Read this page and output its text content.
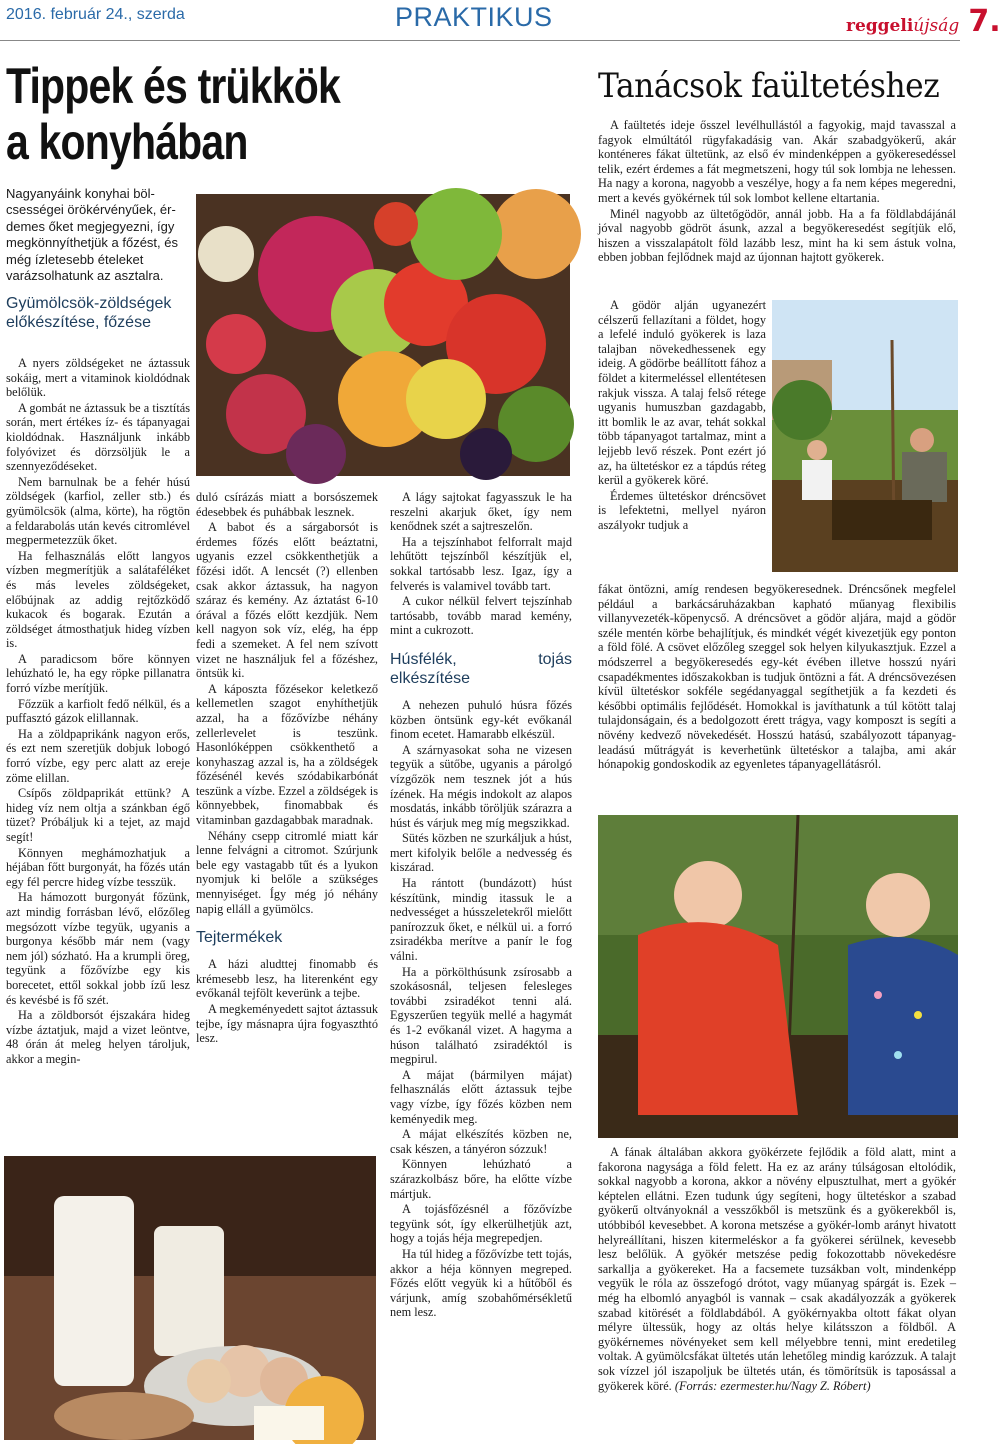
2016. február 24., szerda	PRAKTIKUS	reggeliújság 7.
Tippek és trükkök
a konyhában
Nagyanyáink konyhai böl-csességei örökérvényűek, ér-demes őket megjegyezni, így megkönnyíthetjük a főzést, és még ízletesebb ételeket varázsolhatunk az asztalra.
Gyümölcsök-zöldségek előkészítése, főzése

A nyers zöldségeket ne áztassuk sokáig, mert a vitaminok kioldódnak belőlük.

A gombát ne áztassuk be a tisztítás során, mert értékes íz- és tápanyagai kioldódnak. Használjunk inkább folyóvizet és dörzsöljük le a szennyeződéseket.

Nem barnulnak be a fehér húsú zöldségek (karfiol, zeller stb.) és gyümölcsök (alma, körte), ha rögtön a feldarabolás után kevés citromlével megpermetezzük őket.

Ha felhasználás előtt langyos vízben megmerítjük a salátaféléket és más leveles zöldségeket, előbújnak az addig rejtőzködő kukacok és bogarak. Ezután a zöldséget átmosthatjuk hideg vízben is.

A paradicsom bőre könnyen lehúzható le, ha egy röpke pillanatra forró vízbe merítjük.

Főzzük a karfiolt fedő nélkül, és a puffasztó gázok elillannak.

Ha a zöldpaprikánk nagyon erős, és ezt nem szeretjük dobjuk lobogó forró vízbe, egy perc alatt az ereje zöme elillan.

Csípős zöldpaprikát ettünk? A hideg víz nem oltja a szánkban égő tüzet? Próbáljuk ki a tejet, az majd segít!

Könnyen meghámozhatjuk a héjában főtt burgonyát, ha főzés után egy fél percre hideg vízbe tesszük.

Ha hámozott burgonyát főzünk, azt mindig forrásban lévő, előzőleg megsózott vízbe tegyük, ugyanis a burgonya később már nem (vagy nem jól) sózható. Ha a krumpli öreg, tegyünk a főzővízbe egy kis borecetet, ettől sokkal jobb ízű lesz és kevésbé is fő szét.

Ha a zöldborsót éjszakára hideg vízbe áztatjuk, majd a vizet leöntve, 48 órán át meleg helyen tároljuk, akkor a megin-

duló csírázás miatt a borsószemek édesebbek és puhábbak lesznek.

A babot és a sárgaborsót is érdemes főzés előtt beáztatni, ugyanis ezzel csökkenthetjük a főzési időt. A lencsét (?) ellenben csak akkor áztassuk, ha nagyon száraz és kemény. Az áztatást 6-10 órával a főzés előtt kezdjük. Nem kell nagyon sok víz, elég, ha épp fedi a szemeket. A fel nem szívott vizet ne használjuk fel a főzéshez, öntsük ki.

A káposzta főzésekor keletkező kellemetlen szagot enyhíthetjük azzal, ha a főzővízbe néhány zellerlevelet is teszünk. Hasonlóképpen csökkenthető a konyhaszag azzal is, ha a zöldségek főzésénél kevés szódabikarbónát teszünk a vízbe. Ezzel a zöldségek is könnyebbek, finomabbak és vitaminban gazdagabbak maradnak.

Néhány csepp citromlé miatt kár lenne felvágni a citromot. Szúrjunk bele egy vastagabb tűt és a lyukon nyomjuk ki belőle a szükséges mennyiséget. Így még jó néhány napig elláll a gyümölcs.

Tejtermékek

A házi aludttej finomabb és krémesebb lesz, ha literenként egy evőkanál tejfölt keverünk a tejbe.

A megkeményedett sajtot áztassuk tejbe, így másnapra újra fogyaszthtó lesz.

A lágy sajtokat fagyasszuk le ha reszelni akarjuk őket, így nem kenődnek szét a sajtreszelőn.

Ha a tejszínhabot felforralt majd lehűtött tejszínből készítjük el, sokkal tartósabb lesz. Igaz, így a felverés is valamivel tovább tart.

A cukor nélkül felvert tejszínhab tartósabb, tovább marad kemény, mint a cukrozott.

Húsfélék, tojás elkészítése

A nehezen puhuló húsra főzés közben öntsünk egy-két evőkanál finom ecetet. Hamarabb elkészül.

A szárnyasokat soha ne vizesen tegyük a sütőbe, ugyanis a párolgó vízgőzök nem tesznek jót a hús ízének. Ha mégis indokolt az alapos mosdatás, inkább töröljük szárazra a húst és várjuk meg míg megszikkad.

Sütés közben ne szurkáljuk a húst, mert kifolyik belőle a nedvesség és kiszárad.

Ha rántott (bundázott) húst készítünk, mindig itassuk le a nedvességet a hússzeletekről mielőtt panírozzuk őket, e nélkül ui. a forró zsiradékba merítve a panír le fog válni.

Ha a pörkölthúsunk zsírosabb a szokásosnál, teljesen felesleges további zsiradékot tenni alá. Egyszerűen tegyük mellé a hagymát és 1-2 evőkanál vizet. A hagyma a húson található zsiradéktól is megpirul.

A májat (bármilyen májat) felhasználás előtt áztassuk tejbe vagy vízbe, így főzés közben nem keményedik meg.

A májat elkészítés közben ne, csak készen, a tányéron sózzuk!

Könnyen lehúzható a szárazkolbász bőre, ha előtte vízbe mártjuk.

A tojásfőzésnél a főzővízbe tegyünk sót, így elkerülhetjük azt, hogy a tojás héja megrepedjen.

Ha túl hideg a főzővízbe tett tojás, akkor a héja könnyen megreped. Főzés előtt vegyük ki a hűtőből és várjunk, amíg szobahőmérsékletű nem lesz.

Tanácsok faültetéshez

A faültetés ideje ősszel levélhullástól a fagyokig, majd tavasszal a fagyok elmúltától rügyfakadásig van. Akár szabadgyökerű, akár konténeres fákat ültetünk, az első év mindenképpen a gyökeresedéssel telik, ezért érdemes a fát megmetszeni, hogy túl sok lombja ne lehessen. Ha nagy a korona, nagyobb a veszélye, hogy a fa nem képes megeredni, mert a kevés gyökérnek túl sok lombot kellene eltartania.

Minél nagyobb az ültetőgödör, annál jobb. Ha a fa földlabdájánál jóval nagyobb gödröt ásunk, azzal a begyökeresedést segítjük elő, hiszen a visszalapátolt föld lazább lesz, mint ha ki sem ástuk volna, ebben jobban fejlődnek majd az újonnan hajtott gyökerek.

A gödör alján ugyanezért célszerű fellazítani a földet, hogy a lefelé induló gyökerek is laza talajban növekedhessenek egy ideig. A gödörbe beállított fához a földet a kitermeléssel ellentétesen rakjuk vissza. A talaj felső rétege ugyanis humuszban gazdagabb, itt bomlik le az avar, tehát sokkal több tápanyagot tartalmaz, mint a lejjebb levő részek. Pont ezért jó az, ha ültetéskor ez a tápdús réteg kerül a gyökerek köré.

Érdemes ültetéskor dréncsövet is lefektetni, mellyel nyáron aszályokr tudjuk a

fákat öntözni, amíg rendesen begyökeresednek. Dréncsőnek megfelel például a barkácsáruházakban kapható műanyag flexibilis villanyvezeték-köpenycső. A dréncsövet a gödör aljára, majd a gödör széle mentén körbe behajlítjuk, és mindkét végét kivezetjük egy ponton a föld fölé. A csövet előzőleg szeggel sok helyen kilyukasztjuk. Ezzel a módszerrel a begyökeresedés egy-két évében illetve hosszú nyári csapadékmentes időszakokban is tudjuk öntözni a fát. A dréncsövezésen kívül ültetéskor sokféle segédanyaggal segíthetjük a fa kezdeti és későbbi optimális fejlődését. Homokkal is javíthatunk a túl kötött talaj tulajdonságain, és a bedolgozott érett trágya, vagy komposzt is segíti a növény kedvező növekedését. Hosszú hatású, szabályozott tápanyag-leadású műtrágyát is keverhetünk ültetéskor a talajba, ami akár hónapokig gondoskodik az egyenletes tápanyagellátásról.

A fának általában akkora gyökérzete fejlődik a föld alatt, mint a fakorona nagysága a föld felett. Ha ez az arány túlságosan eltolódik, sokkal nagyobb a korona, akkor a növény elpusztulhat, mert a gyökér képtelen ellátni. Ezen tudunk úgy segíteni, hogy ültetéskor a szabad gyökerű oltványoknál a vesszőkből is metszünk és a gyökerekből is, utóbbiból kevesebbet. A korona metszése a gyökér-lomb arányt hivatott helyreállítani, hiszen kitermeléskor a fa gyökerei sérülnek, kevesebb lesz belőlük. A gyökér metszése pedig fokozottabb növekedésre sarkallja a gyökereket. Ha a facsemete tuzsákban volt, mindenképp vegyük le róla az összefogó drótot, vagy műanyag spárgát is. Ezek – még ha elbomló anyagból is vannak – csak akadályozzák a gyökerek szabad kitörését a földlabdából. A gyökérnyakba oltott fákat olyan mélyre ültessük, hogy az oltás helye kilátsszon a földből. A gyökérnemes növényeket sem kell mélyebbre tenni, mint eredetileg voltak. A gyümölcsfákat ültetés után lehetőleg mindig karózzuk. A talajt sok vízzel jól iszapoljuk be ültetés után, és tömörítsük is taposással a gyökerek köré. (Forrás: ezermester.hu/Nagy Z. Róbert)
